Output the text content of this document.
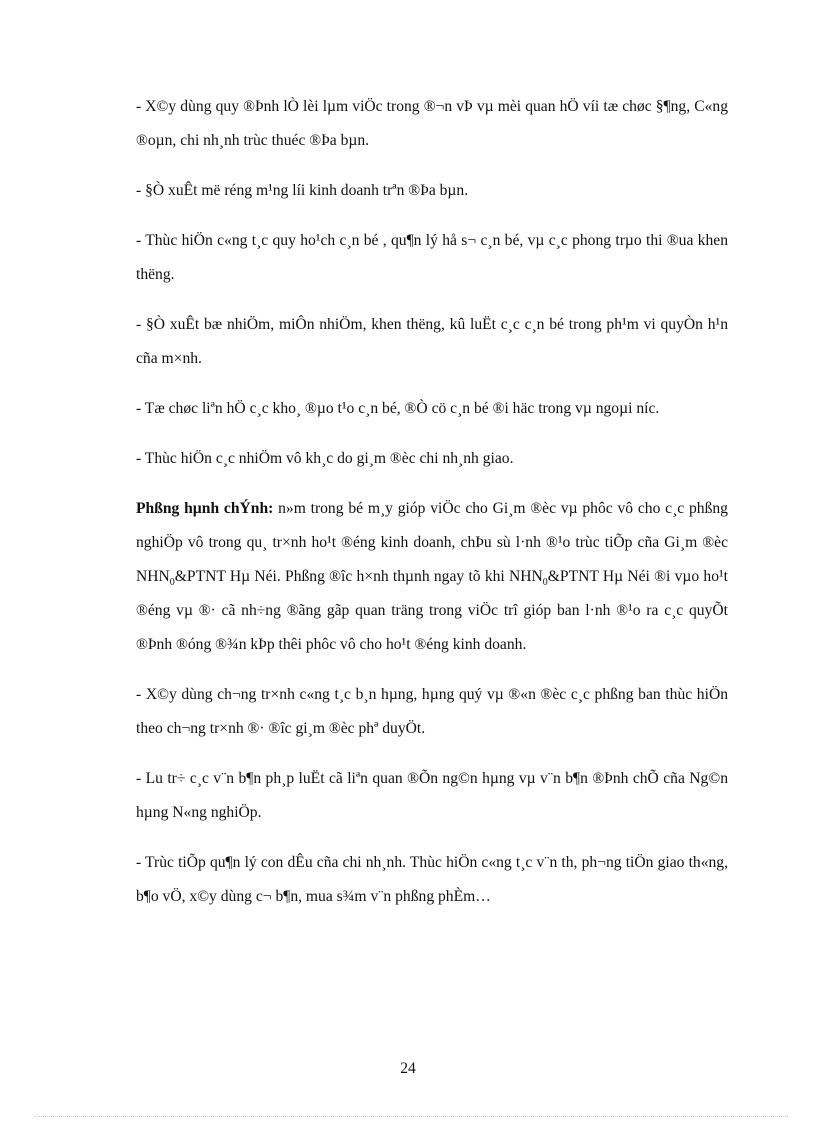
- X©y dùng quy ®Þnh lÒ lèi lµm viÖc trong ®¬n vÞ vµ mèi quan hÖ víi tæ chøc §¶ng, C«ng ®oµn, chi nh¸nh trùc thuéc ®Þa bµn.

- §Ò xuÊt më réng m¹ng líi kinh doanh trªn ®Þa bµn.

- Thùc hiÖn c«ng t¸c quy ho¹ch c¸n bé , qu¶n lý hå s¬ c¸n bé, vµ c¸c phong trµo thi ®ua khen thëng.

- §Ò xuÊt bæ nhiÖm, miÔn nhiÖm, khen thëng, kû luËt c¸c c¸n bé trong ph¹m vi quyÒn h¹n cña m×nh.

- Tæ chøc liªn hÖ c¸c kho¸ ®µo t¹o c¸n bé, ®Ò cö c¸n bé ®i häc trong vµ ngoµi níc.

- Thùc hiÖn c¸c nhiÖm vô kh¸c do gi¸m ®èc chi nh¸nh giao.

Phßng hµnh chÝnh: n»m trong bé m¸y gióp viÖc cho Gi¸m ®èc vµ phôc vô cho c¸c phßng nghiÖp vô trong qu¸ tr×nh ho¹t ®éng kinh doanh, chÞu sù l·nh ®¹o trùc tiÕp cña Gi¸m ®èc $NHN_0\&PTNT$ Hµ Néi. Phßng ®îc h×nh thµnh ngay tõ khi $NHN_0\&PTNT$ Hµ Néi ®i vµo ho¹t ®éng vµ ®· cã nh÷ng ®ãng gãp quan träng trong viÖc trî gióp ban l·nh ®¹o ra c¸c quyÕt ®Þnh ®óng ®¾n kÞp thêi phôc vô cho ho¹t ®éng kinh doanh.

- X©y dùng ch¬ng tr×nh c«ng t¸c b¸n hµng, hµng quý vµ ®«n ®èc c¸c phßng ban thùc hiÖn theo ch¬ng tr×nh ®· ®îc gi¸m ®èc phª duyÖt.

- Lu tr÷ c¸c v¨n b¶n ph¸p luËt cã liªn quan ®Õn ng©n hµng vµ v¨n b¶n ®Þnh chÕ cña Ng©n hµng N«ng nghiÖp.

- Trùc tiÕp qu¶n lý con dÊu cña chi nh¸nh. Thùc hiÖn c«ng t¸c v¨n th, ph¬ng tiÖn giao th«ng, b¶o vÖ, x©y dùng c¬ b¶n, mua s¾m v¨n phßng phÈm…

24
